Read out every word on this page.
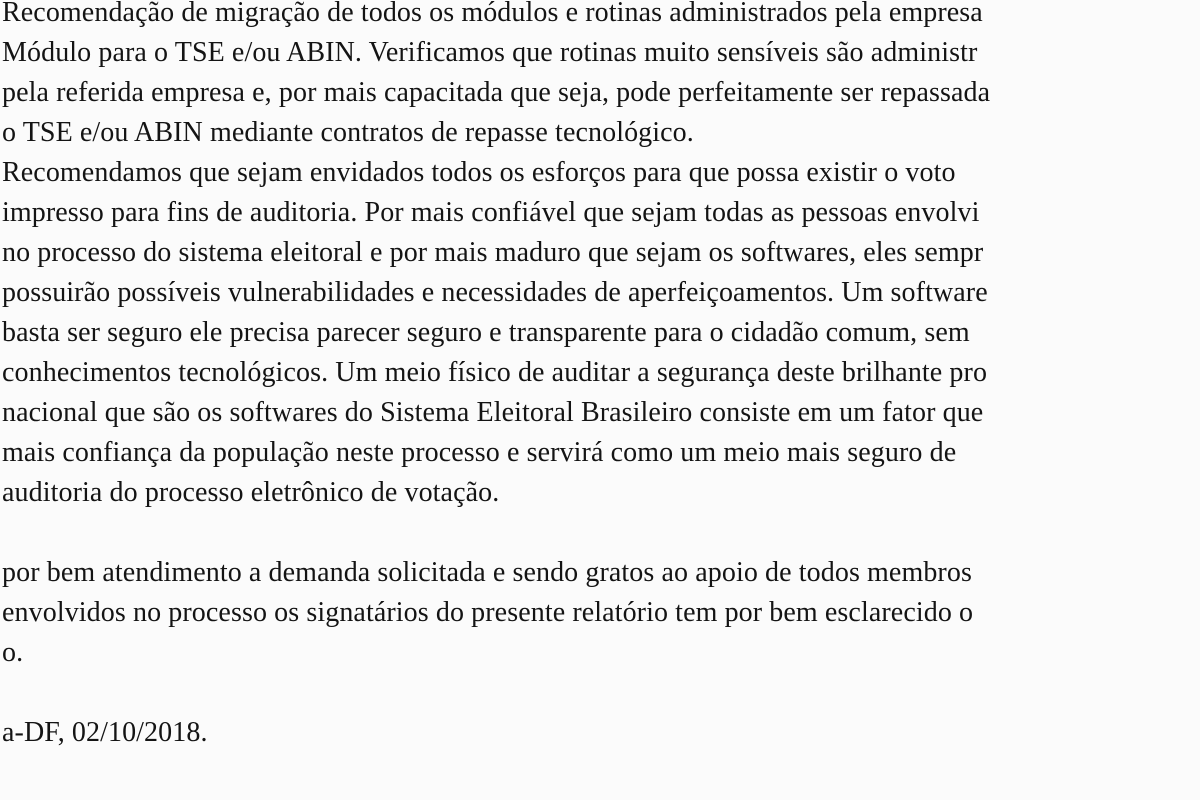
Recomendação de migração de todos os módulos e rotinas administrados pela empresa
Módulo para o TSE e/ou ABIN. Verificamos que rotinas muito sensíveis são administr
pela referida empresa e, por mais capacitada que seja, pode perfeitamente ser repassada
o TSE e/ou ABIN mediante contratos de repasse tecnológico.
Recomendamos que sejam envidados todos os esforços para que possa existir o voto
impresso para fins de auditoria. Por mais confiável que sejam todas as pessoas envolvi
no processo do sistema eleitoral e por mais maduro que sejam os softwares, eles sempr
possuirão possíveis vulnerabilidades e necessidades de aperfeiçoamentos. Um software
basta ser seguro ele precisa parecer seguro e transparente para o cidadão comum, sem
conhecimentos tecnológicos. Um meio físico de auditar a segurança deste brilhante pro
nacional que são os softwares do Sistema Eleitoral Brasileiro consiste em um fator que
mais confiança da população neste processo e servirá como um meio mais seguro de
auditoria do processo eletrônico de votação.
por bem atendimento a demanda solicitada e sendo gratos ao apoio de todos membros
envolvidos no processo os signatários do presente relatório tem por bem esclarecido o
o.
a-DF, 02/10/2018.
